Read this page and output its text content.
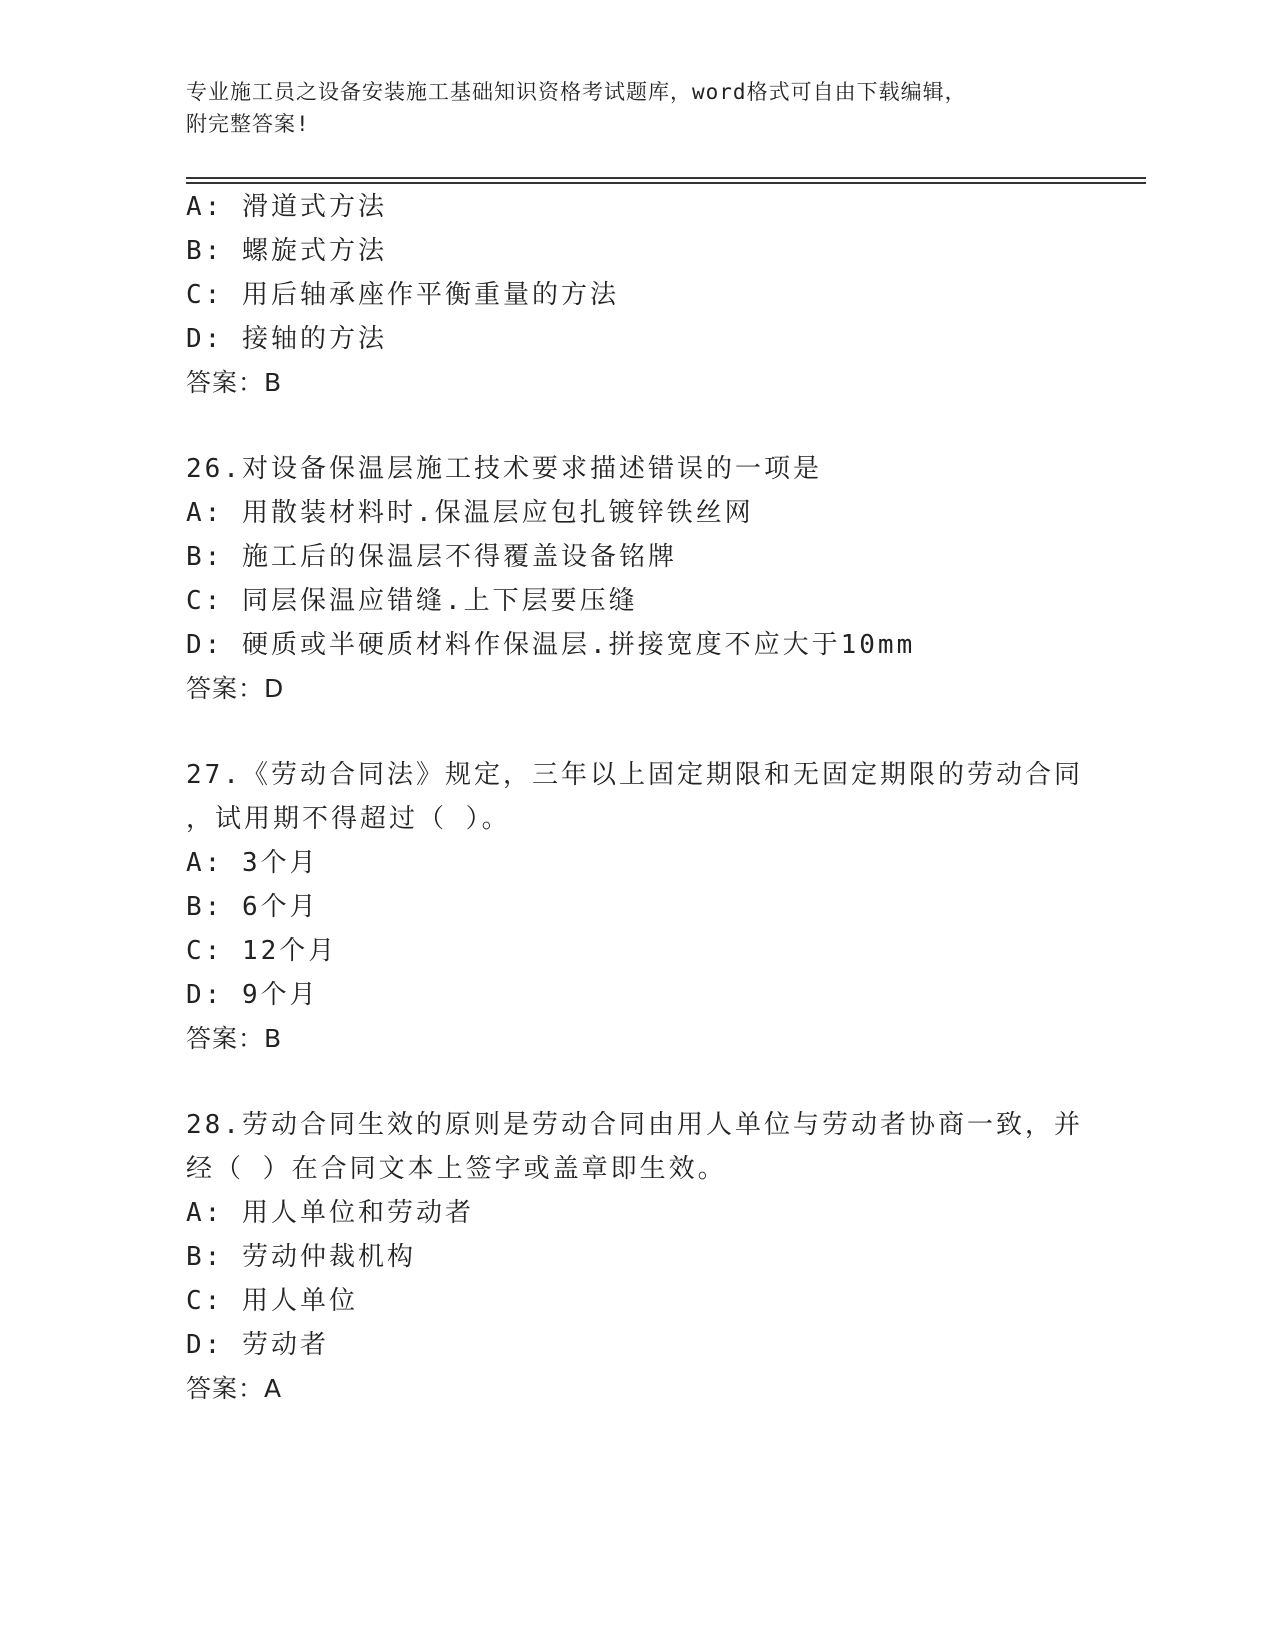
专业施工员之设备安装施工基础知识资格考试题库，word格式可自由下载编辑，
附完整答案!
A: 滑道式方法
B: 螺旋式方法
C: 用后轴承座作平衡重量的方法
D: 接轴的方法
答案：B
26.对设备保温层施工技术要求描述错误的一项是
A: 用散装材料时.保温层应包扎镀锌铁丝网
B: 施工后的保温层不得覆盖设备铭牌
C: 同层保温应错缝.上下层要压缝
D: 硬质或半硬质材料作保温层.拼接宽度不应大于10mm
答案：D
27.《劳动合同法》规定，三年以上固定期限和无固定期限的劳动合同
，试用期不得超过（ ）。
A: 3个月
B: 6个月
C: 12个月
D: 9个月
答案：B
28.劳动合同生效的原则是劳动合同由用人单位与劳动者协商一致，并
经（ ）在合同文本上签字或盖章即生效。
A: 用人单位和劳动者
B: 劳动仲裁机构
C: 用人单位
D: 劳动者
答案：A
